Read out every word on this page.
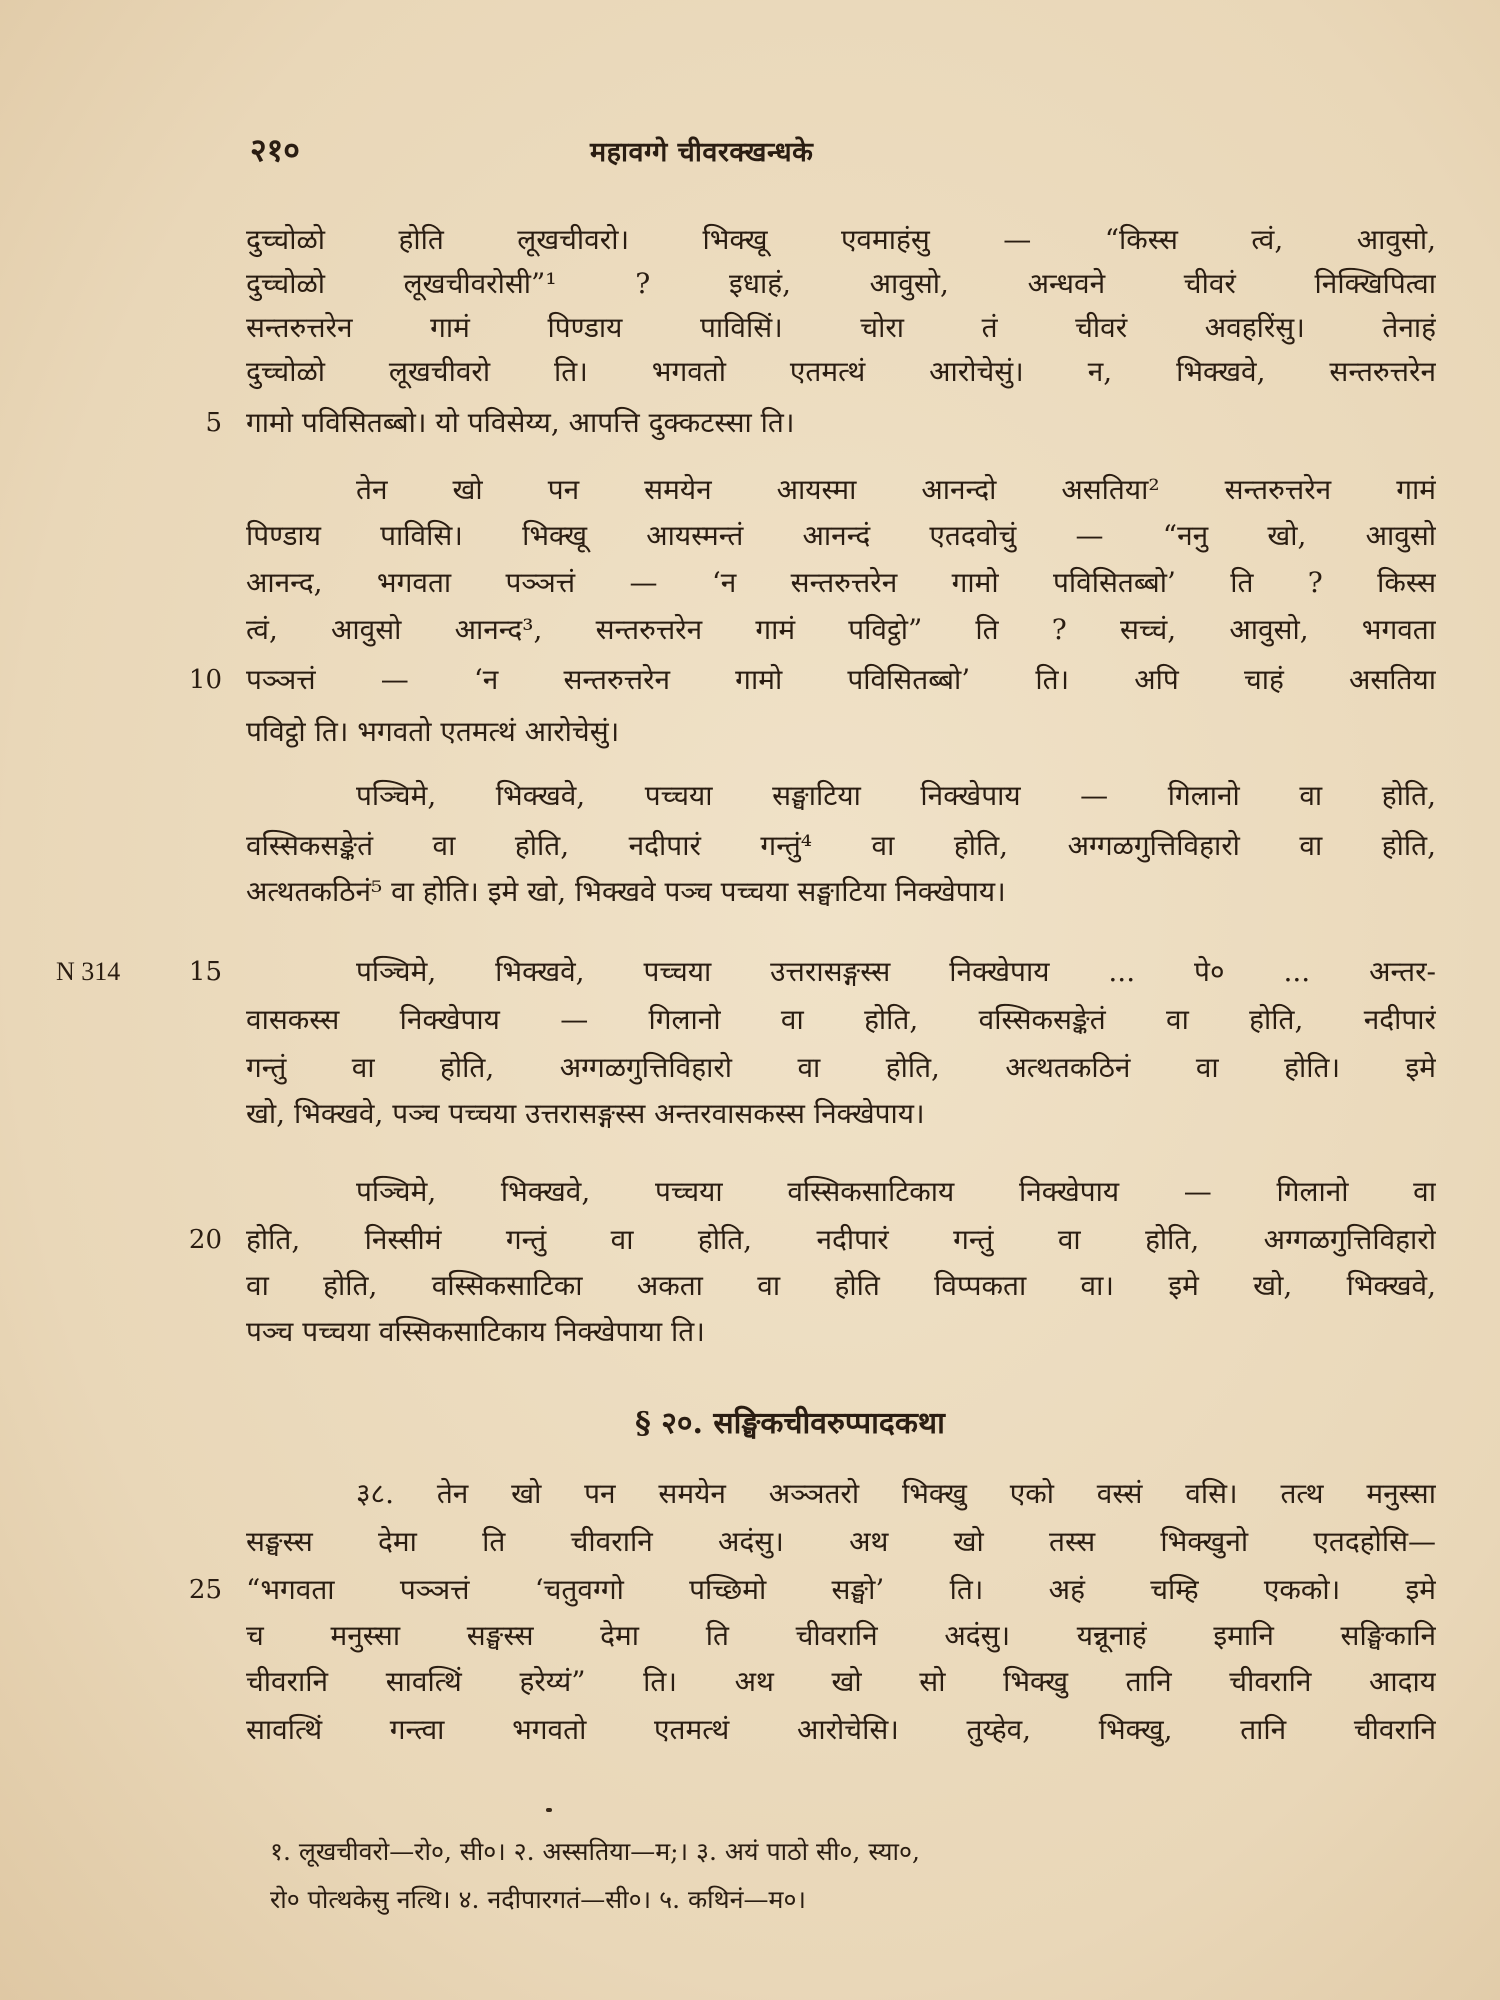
२१०	महावग्गे चीवरक्खन्धके
दुच्चोळो होति लूखचीवरो। भिक्खू एवमाहंसु — “किस्स त्वं, आवुसो,
दुच्चोळो लूखचीवरोसी”¹ ? इधाहं, आवुसो, अन्धवने चीवरं निक्खिपित्वा
सन्तरुत्तरेन गामं पिण्डाय पाविसिं। चोरा तं चीवरं अवहरिंसु। तेनाहं
दुच्चोळो लूखचीवरो ति। भगवतो एतमत्थं आरोचेसुं। न, भिक्खवे, सन्तरुत्तरेन
5 गामो पविसितब्बो। यो पविसेय्य, आपत्ति दुक्कटस्सा ति।
तेन खो पन समयेन आयस्मा आनन्दो असतिया² सन्तरुत्तरेन गामं
पिण्डाय पाविसि। भिक्खू आयस्मन्तं आनन्दं एतदवोचुं — “ननु खो, आवुसो
आनन्द, भगवता पञ्ञत्तं — ‘न सन्तरुत्तरेन गामो पविसितब्बो’ ति ? किस्स
त्वं, आवुसो आनन्द³, सन्तरुत्तरेन गामं पविट्ठो” ति ? सच्चं, आवुसो, भगवता
10 पञ्ञत्तं — ‘न सन्तरुत्तरेन गामो पविसितब्बो’ ति। अपि चाहं असतिया
पविट्ठो ति। भगवतो एतमत्थं आरोचेसुं।
पञ्चिमे, भिक्खवे, पच्चया सङ्घाटिया निक्खेपाय — गिलानो वा होति,
वस्सिकसङ्केतं वा होति, नदीपारं गन्तुं⁴ वा होति, अग्गळगुत्तिविहारो वा होति,
अत्थतकठिनं⁵ वा होति। इमे खो, भिक्खवे पञ्च पच्चया सङ्घाटिया निक्खेपाय।
N 314	15	पञ्चिमे, भिक्खवे, पच्चया उत्तरासङ्गस्स निक्खेपाय ... पे० ... अन्तर-
वासकस्स निक्खेपाय — गिलानो वा होति, वस्सिकसङ्केतं वा होति, नदीपारं
गन्तुं वा होति, अग्गळगुत्तिविहारो वा होति, अत्थतकठिनं वा होति। इमे
खो, भिक्खवे, पञ्च पच्चया उत्तरासङ्गस्स अन्तरवासकस्स निक्खेपाय।
पञ्चिमे, भिक्खवे, पच्चया वस्सिकसाटिकाय निक्खेपाय — गिलानो वा
20 होति, निस्सीमं गन्तुं वा होति, नदीपारं गन्तुं वा होति, अग्गळगुत्तिविहारो
वा होति, वस्सिकसाटिका अकता वा होति विप्पकता वा। इमे खो, भिक्खवे,
पञ्च पच्चया वस्सिकसाटिकाय निक्खेपाया ति।
§ २०. सङ्घिकचीवरुप्पादकथा
३८. तेन खो पन समयेन अञ्ञतरो भिक्खु एको वस्सं वसि। तत्थ मनुस्सा
सङ्घस्स देमा ति चीवरानि अदंसु। अथ खो तस्स भिक्खुनो एतदहोसि—
25 “भगवता पञ्ञत्तं ‘चतुवग्गो पच्छिमो सङ्घो’ ति। अहं चम्हि एकको। इमे
च मनुस्सा सङ्घस्स देमा ति चीवरानि अदंसु। यन्नूनाहं इमानि सङ्घिकानि
चीवरानि सावत्थिं हरेय्यं” ति। अथ खो सो भिक्खु तानि चीवरानि आदाय
सावत्थिं गन्त्वा भगवतो एतमत्थं आरोचेसि। तुय्हेव, भिक्खु, तानि चीवरानि
१. लूखचीवरो—रो०, सी०। २. अस्सतिया—म;। ३. अयं पाठो सी०, स्या०,
रो० पोत्थकेसु नत्थि। ४. नदीपारगतं—सी०। ५. कथिनं—म०।
